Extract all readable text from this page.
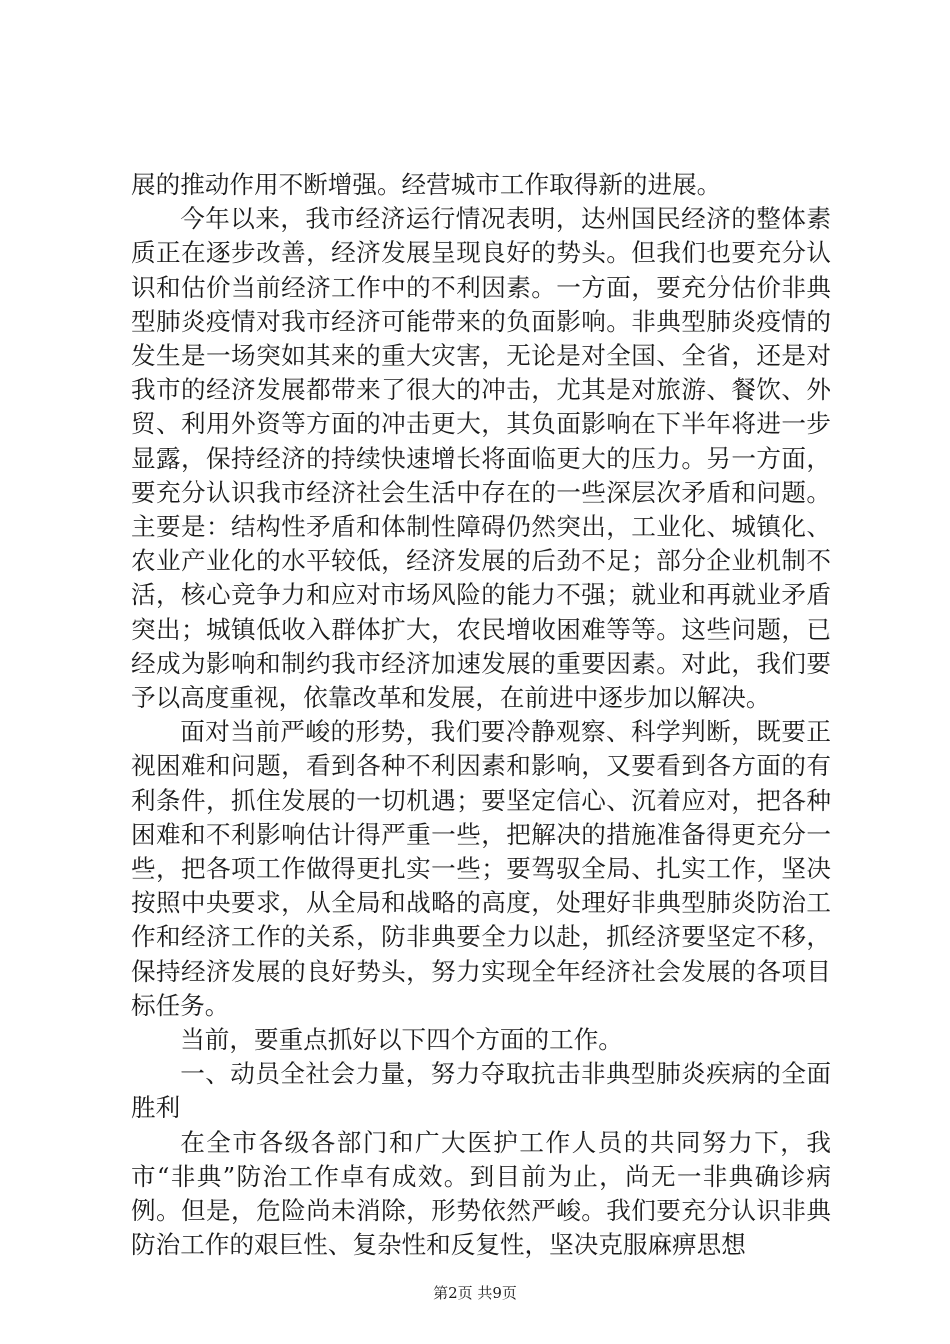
展的推动作用不断增强。经营城市工作取得新的进展。

今年以来，我市经济运行情况表明，达州国民经济的整体素质正在逐步改善，经济发展呈现良好的势头。但我们也要充分认识和估价当前经济工作中的不利因素。一方面，要充分估价非典型肺炎疫情对我市经济可能带来的负面影响。非典型肺炎疫情的发生是一场突如其来的重大灾害，无论是对全国、全省，还是对我市的经济发展都带来了很大的冲击，尤其是对旅游、餐饮、外贸、利用外资等方面的冲击更大，其负面影响在下半年将进一步显露，保持经济的持续快速增长将面临更大的压力。另一方面，要充分认识我市经济社会生活中存在的一些深层次矛盾和问题。主要是：结构性矛盾和体制性障碍仍然突出，工业化、城镇化、农业产业化的水平较低，经济发展的后劲不足；部分企业机制不活，核心竞争力和应对市场风险的能力不强；就业和再就业矛盾突出；城镇低收入群体扩大，农民增收困难等等。这些问题，已经成为影响和制约我市经济加速发展的重要因素。对此，我们要予以高度重视，依靠改革和发展，在前进中逐步加以解决。

面对当前严峻的形势，我们要冷静观察、科学判断，既要正视困难和问题，看到各种不利因素和影响，又要看到各方面的有利条件，抓住发展的一切机遇；要坚定信心、沉着应对，把各种困难和不利影响估计得严重一些，把解决的措施准备得更充分一些，把各项工作做得更扎实一些；要驾驭全局、扎实工作，坚决按照中央要求，从全局和战略的高度，处理好非典型肺炎防治工作和经济工作的关系，防非典要全力以赴，抓经济要坚定不移，保持经济发展的良好势头，努力实现全年经济社会发展的各项目标任务。

当前，要重点抓好以下四个方面的工作。

一、动员全社会力量，努力夺取抗击非典型肺炎疾病的全面胜利

在全市各级各部门和广大医护工作人员的共同努力下，我市“非典”防治工作卓有成效。到目前为止，尚无一非典确诊病例。但是，危险尚未消除，形势依然严峻。我们要充分认识非典防治工作的艰巨性、复杂性和反复性，坚决克服麻痹思想

第2页 共9页
